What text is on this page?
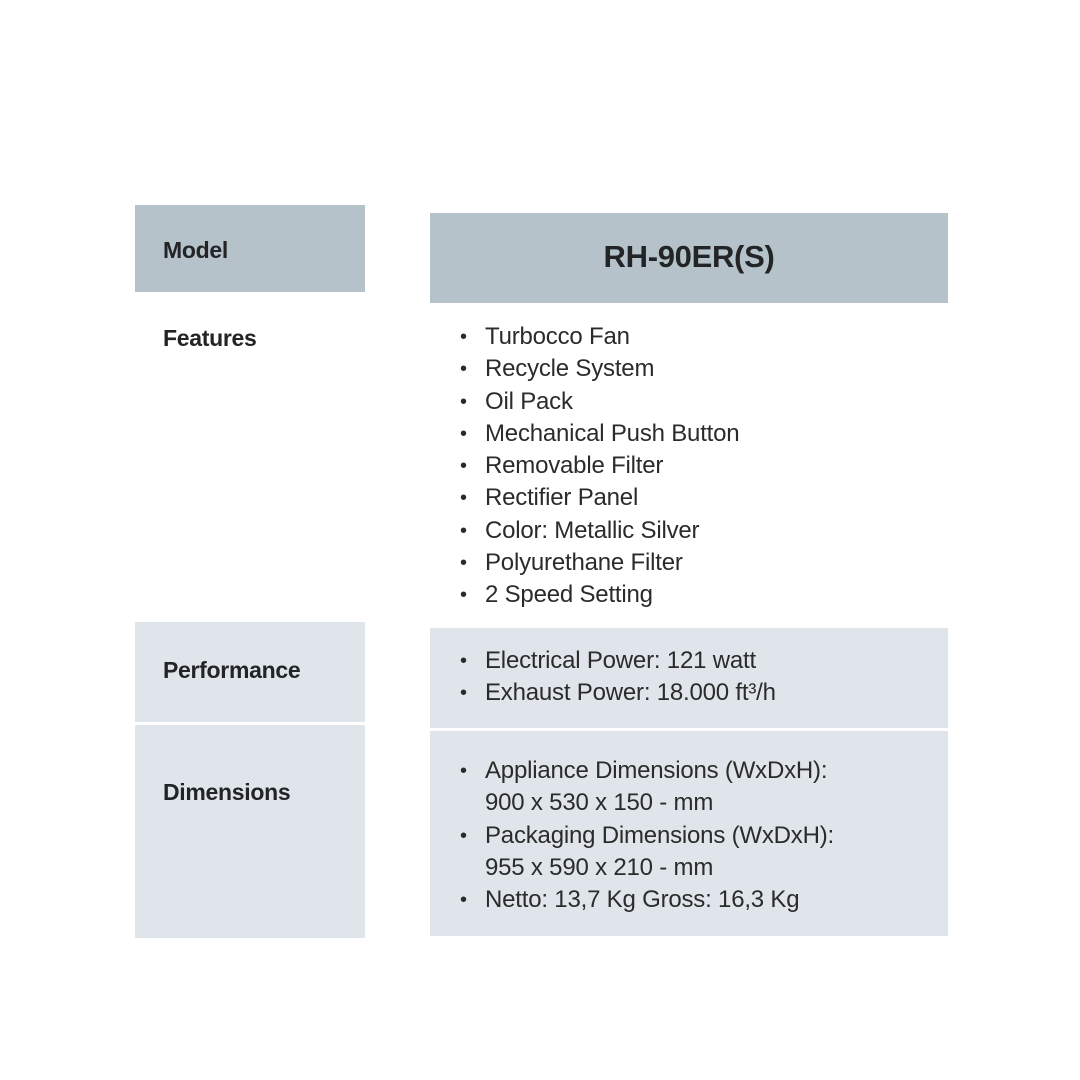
Model	RH-90ER(S)
Features	• Turbocco Fan
• Recycle System
• Oil Pack
• Mechanical Push Button
• Removable Filter
• Rectifier Panel
• Color: Metallic Silver
• Polyurethane Filter
• 2 Speed Setting
Performance	• Electrical Power: 121 watt
• Exhaust Power: 18.000 ft³/h
Dimensions
• Appliance Dimensions (WxDxH):
900 x 530 x 150 - mm
• Packaging Dimensions (WxDxH):
955 x 590 x 210 - mm
• Netto: 13,7 Kg Gross: 16,3 Kg
